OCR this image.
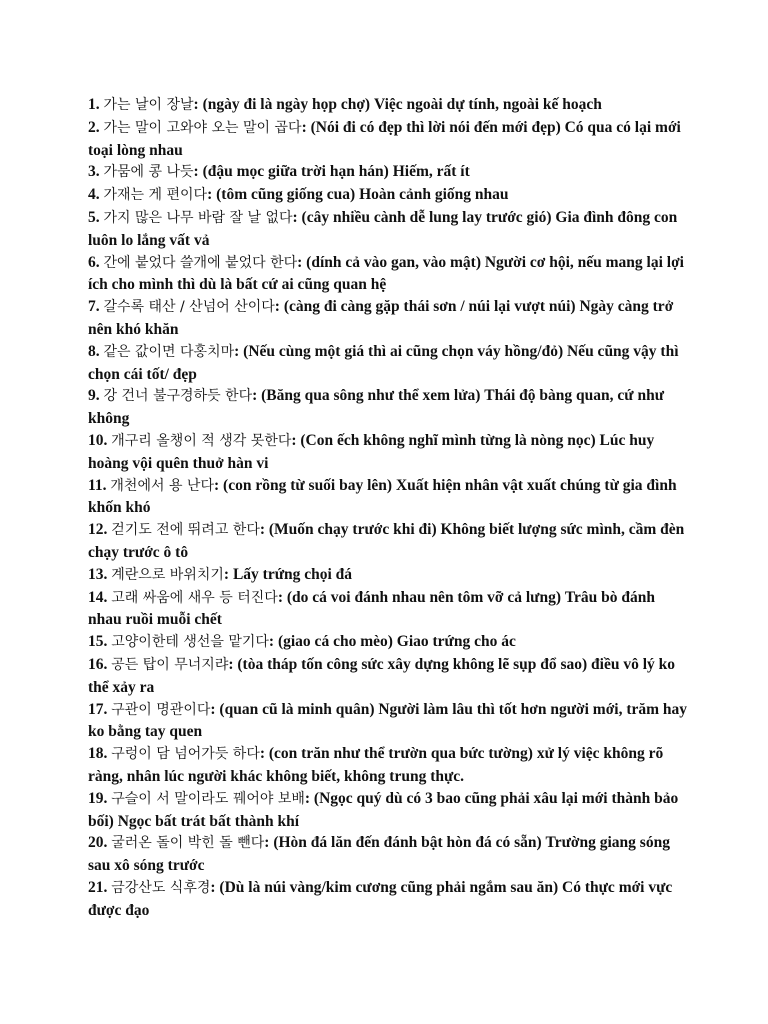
1. 가는 날이 장날: (ngày đi là ngày họp chợ) Việc ngoài dự tính, ngoài kế hoạch

2. 가는 말이 고와야 오는 말이 곱다: (Nói đi có đẹp thì lời nói đến mới đẹp) Có qua có lại mới toại lòng nhau

3. 가뭄에 콩 나듯: (đậu mọc giữa trời hạn hán) Hiếm, rất ít

4. 가재는 게 편이다: (tôm cũng giống cua) Hoàn cảnh giống nhau

5. 가지 많은 나무 바람 잘 날 없다: (cây nhiều cành dễ lung lay trước gió) Gia đình đông con luôn lo lắng vất vả

6. 간에 붙었다 쓸개에 붙었다 한다: (dính cả vào gan, vào mật) Người cơ hội, nếu mang lại lợi ích cho mình thì dù là bất cứ ai cũng quan hệ

7. 갈수록 태산 / 산넘어 산이다: (càng đi càng gặp thái sơn / núi lại vượt núi) Ngày càng trở nên khó khăn

8. 같은 값이면 다홍치마: (Nếu cùng một giá thì ai cũng chọn váy hồng/đỏ) Nếu cũng vậy thì chọn cái tốt/ đẹp

9. 강 건너 불구경하듯 한다: (Băng qua sông như thể xem lửa) Thái độ bàng quan, cứ như không

10. 개구리 올챙이 적 생각 못한다: (Con ếch không nghĩ mình từng là nòng nọc) Lúc huy hoàng vội quên thuở hàn vi

11. 개천에서 용 난다: (con rồng từ suối bay lên) Xuất hiện nhân vật xuất chúng từ gia đình khốn khó

12. 걷기도 전에 뛰려고 한다: (Muốn chạy trước khi đi) Không biết lượng sức mình, cầm đèn chạy trước ô tô

13. 계란으로 바위치기: Lấy trứng chọi đá

14. 고래 싸움에 새우 등 터진다: (do cá voi đánh nhau nên tôm vỡ cả lưng) Trâu bò đánh nhau ruồi muỗi chết

15. 고양이한테 생선을 맡기다: (giao cá cho mèo) Giao trứng cho ác

16. 공든 탑이 무너지랴: (tòa tháp tốn công sức xây dựng không lẽ sụp đổ sao) điều vô lý ko thể xảy ra

17. 구관이 명관이다: (quan cũ là minh quân) Người làm lâu thì tốt hơn người mới, trăm hay ko bằng tay quen

18. 구렁이 담 넘어가듯 하다: (con trăn như thể trườn qua bức tường) xử lý việc không rõ ràng, nhân lúc người khác không biết, không trung thực.

19. 구슬이 서 말이라도 꿰어야 보배: (Ngọc quý dù có 3 bao cũng phải xâu lại mới thành bảo bối) Ngọc bất trát bất thành khí

20. 굴러온 돌이 박힌 돌 뺀다: (Hòn đá lăn đến đánh bật hòn đá có sẵn) Trường giang sóng sau xô sóng trước

21. 금강산도 식후경: (Dù là núi vàng/kim cương cũng phải ngắm sau ăn) Có thực mới vực được đạo
